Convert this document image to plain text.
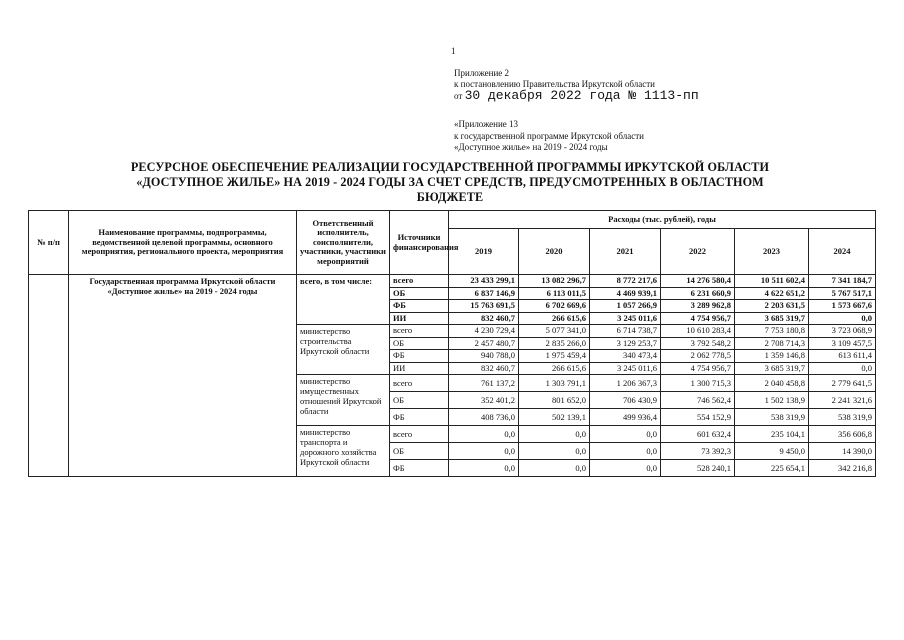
1
Приложение 2
к постановлению Правительства Иркутской области
от 30 декабря 2022 года № 1113-пп
«Приложение 13
к государственной программе Иркутской области
«Доступное жилье» на 2019 - 2024 годы
РЕСУРСНОЕ ОБЕСПЕЧЕНИЕ РЕАЛИЗАЦИИ ГОСУДАРСТВЕННОЙ ПРОГРАММЫ ИРКУТСКОЙ ОБЛАСТИ
«ДОСТУПНОЕ ЖИЛЬЕ» НА 2019 - 2024 ГОДЫ ЗА СЧЕТ СРЕДСТВ, ПРЕДУСМОТРЕННЫХ В ОБЛАСТНОМ
БЮДЖЕТЕ
№ п/п	Наименование программы, подпрограммы, ведомственной целевой программы, основного мероприятия, регионального проекта, мероприятия	Ответственный исполнитель, соисполнители, участники, участники мероприятий	Источники финансирования	Расходы (тыс. рублей), годы					
				2019	2020	2021	2022	2023	2024
	Государственная программа Иркутской области «Доступное жилье» на 2019 - 2024 годы	всего, в том числе:	всего	23 433 299,1	13 082 296,7	8 772 217,6	14 276 580,4	10 511 602,4	7 341 184,7
			ОБ	6 837 146,9	6 113 011,5	4 469 939,1	6 231 660,9	4 622 651,2	5 767 517,1
			ФБ	15 763 691,5	6 702 669,6	1 057 266,9	3 289 962,8	2 203 631,5	1 573 667,6
			ИИ	832 460,7	266 615,6	3 245 011,6	4 754 956,7	3 685 319,7	0,0
		министерство строительства Иркутской области	всего	4 230 729,4	5 077 341,0	6 714 738,7	10 610 283,4	7 753 180,8	3 723 068,9
			ОБ	2 457 480,7	2 835 266,0	3 129 253,7	3 792 548,2	2 708 714,3	3 109 457,5
			ФБ	940 788,0	1 975 459,4	340 473,4	2 062 778,5	1 359 146,8	613 611,4
			ИИ	832 460,7	266 615,6	3 245 011,6	4 754 956,7	3 685 319,7	0,0
		министерство имущественных отношений Иркутской области	всего	761 137,2	1 303 791,1	1 206 367,3	1 300 715,3	2 040 458,8	2 779 641,5
			ОБ	352 401,2	801 652,0	706 430,9	746 562,4	1 502 138,9	2 241 321,6
			ФБ	408 736,0	502 139,1	499 936,4	554 152,9	538 319,9	538 319,9
		министерство транспорта и дорожного хозяйства Иркутской области	всего	0,0	0,0	0,0	601 632,4	235 104,1	356 606,8
			ОБ	0,0	0,0	0,0	73 392,3	9 450,0	14 390,0
			ФБ	0,0	0,0	0,0	528 240,1	225 654,1	342 216,8
